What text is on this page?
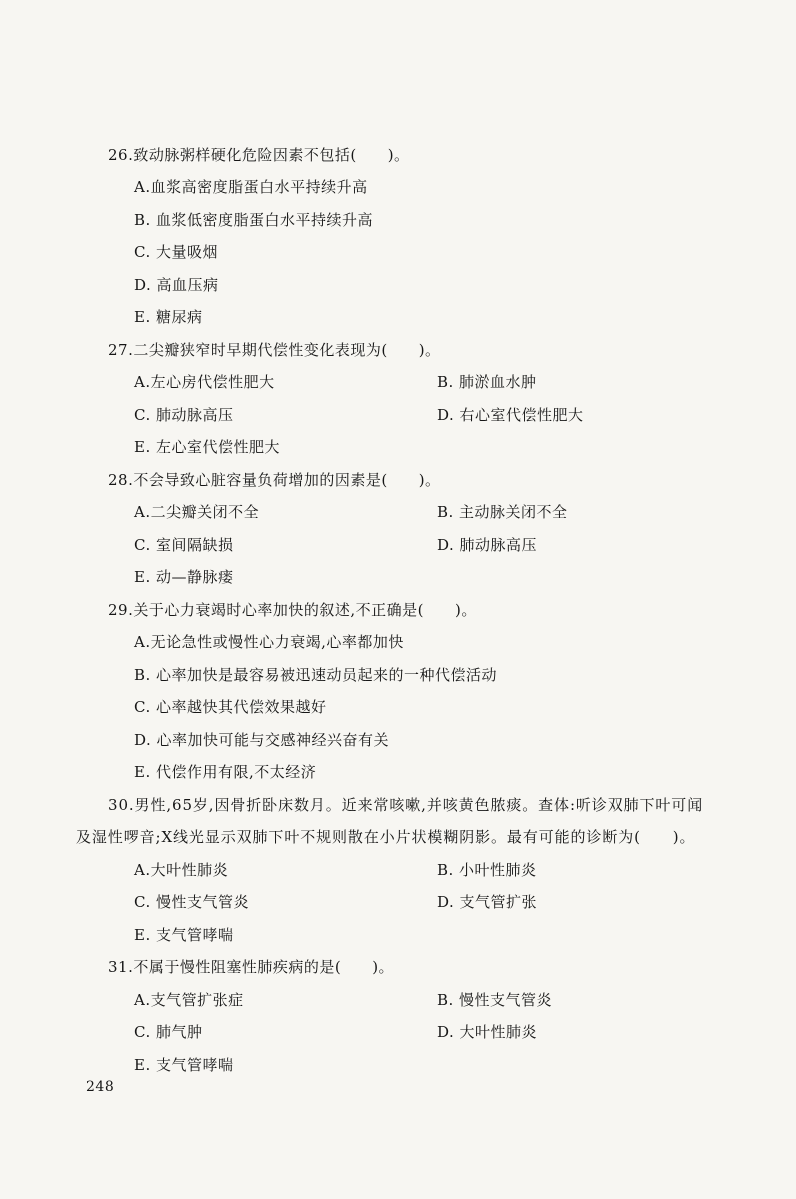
26.致动脉粥样硬化危险因素不包括(　　)。
A.血浆高密度脂蛋白水平持续升高
B. 血浆低密度脂蛋白水平持续升高
C. 大量吸烟
D. 高血压病
E. 糖尿病
27.二尖瓣狭窄时早期代偿性变化表现为(　　)。
A.左心房代偿性肥大	B. 肺淤血水肿
C. 肺动脉高压	D. 右心室代偿性肥大
E. 左心室代偿性肥大
28.不会导致心脏容量负荷增加的因素是(　　)。
A.二尖瓣关闭不全	B. 主动脉关闭不全
C. 室间隔缺损	D. 肺动脉高压
E. 动—静脉瘘
29.关于心力衰竭时心率加快的叙述,不正确是(　　)。
A.无论急性或慢性心力衰竭,心率都加快
B. 心率加快是最容易被迅速动员起来的一种代偿活动
C. 心率越快其代偿效果越好
D. 心率加快可能与交感神经兴奋有关
E. 代偿作用有限,不太经济
30.男性,65岁,因骨折卧床数月。近来常咳嗽,并咳黄色脓痰。查体:听诊双肺下叶可闻
及湿性啰音;X线光显示双肺下叶不规则散在小片状模糊阴影。最有可能的诊断为(　　)。
A.大叶性肺炎	B. 小叶性肺炎
C. 慢性支气管炎	D. 支气管扩张
E. 支气管哮喘
31.不属于慢性阻塞性肺疾病的是(　　)。
A.支气管扩张症	B. 慢性支气管炎
C. 肺气肿	D. 大叶性肺炎
E. 支气管哮喘
248
